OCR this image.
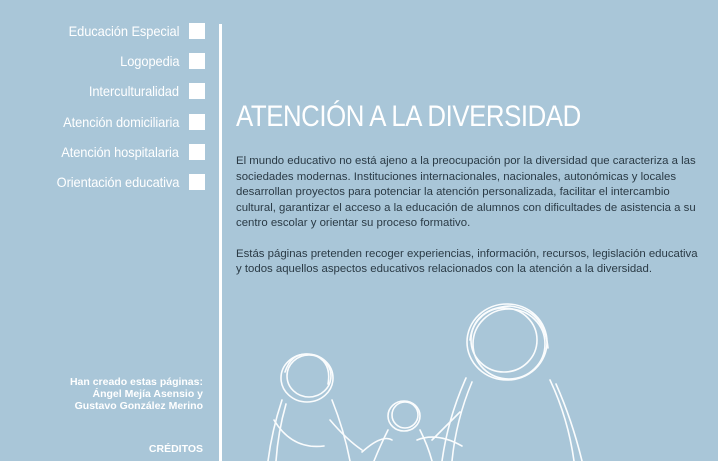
Educación Especial
Logopedia
Interculturalidad
Atención domiciliaria
Atención hospitalaria
Orientación educativa
Han creado estas páginas:
Ángel Mejía Asensio y
Gustavo González Merino
CRÉDITOS
ATENCIÓN A LA DIVERSIDAD

El mundo educativo no está ajeno a la preocupación por la diversidad que caracteriza a las sociedades modernas. Instituciones internacionales, nacionales, autonómicas y locales desarrollan proyectos para potenciar la atención personalizada, facilitar el intercambio cultural, garantizar el acceso a la educación de alumnos con dificultades de asistencia a su centro escolar y orientar su proceso formativo.

Estás páginas pretenden recoger experiencias, información, recursos, legislación educativa y todos aquellos aspectos educativos relacionados con la atención a la diversidad.
